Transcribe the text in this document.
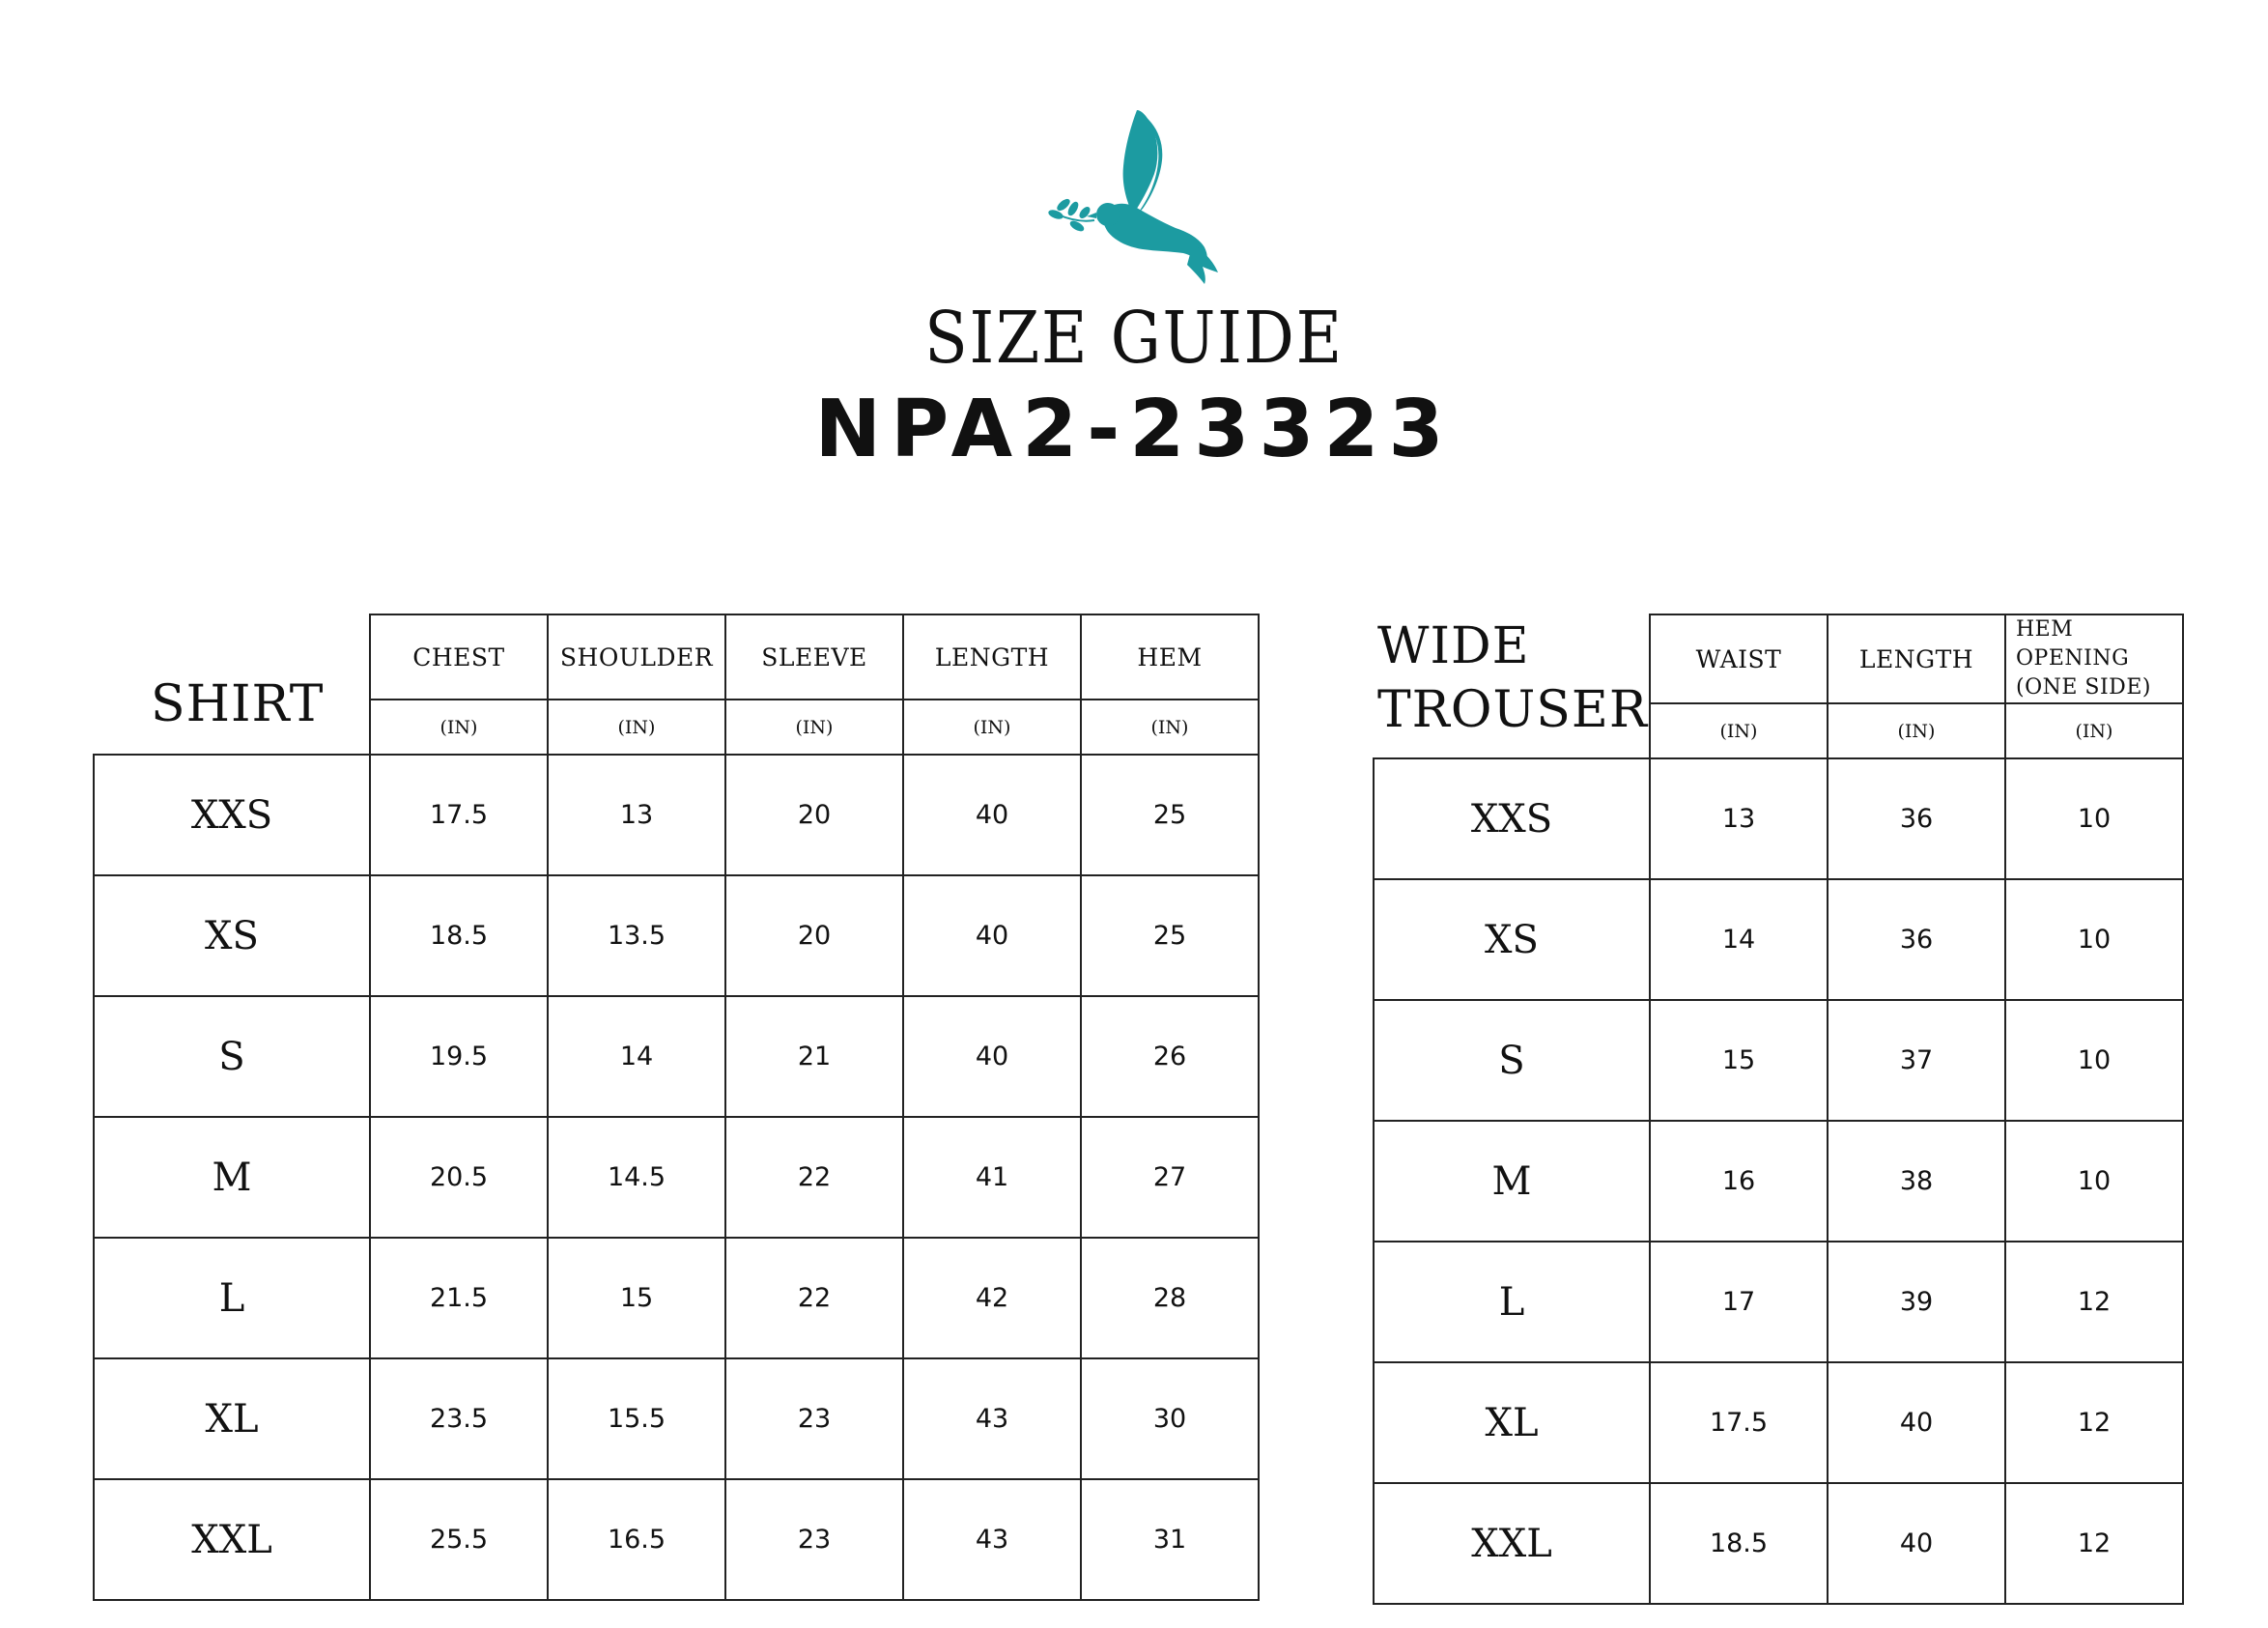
SIZE GUIDE
NPA2-23323
SHIRT
	CHEST	SHOULDER	SLEEVE	LENGTH	HEM
	(IN)	(IN)	(IN)	(IN)	(IN)
XXS	17.5	13	20	40	25
XS	18.5	13.5	20	40	25
S	19.5	14	21	40	26
M	20.5	14.5	22	41	27
L	21.5	15	22	42	28
XL	23.5	15.5	23	43	30
XXL	25.5	16.5	23	43	31
WIDE
TROUSER
	WAIST	LENGTH	HEM OPENING
(ONE SIDE)

	(IN)	(IN)	(IN)
XXS	13	36	10
XS	14	36	10
S	15	37	10
M	16	38	10
L	17	39	12
XL	17.5	40	12
XXL	18.5	40	12
